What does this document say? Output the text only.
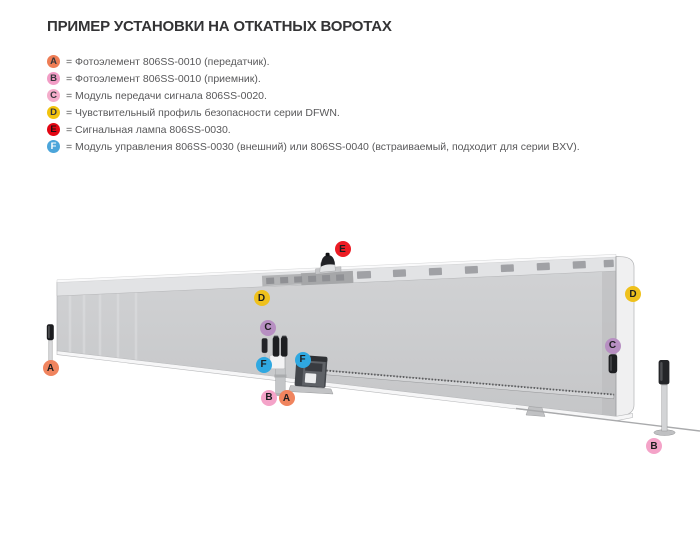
ПРИМЕР УСТАНОВКИ НА ОТКАТНЫХ ВОРОТАХ
A = Фотоэлемент 806SS-0010 (передатчик).
B = Фотоэлемент 806SS-0010 (приемник).
C = Модуль передачи сигнала 806SS-0020.
D = Чувствительный профиль безопасности серии DFWN.
E = Сигнальная лампа 806SS-0030.
F = Модуль управления 806SS-0030 (внешний) или 806SS-0040 (встраиваемый, подходит для серии BXV).
E
D	D
C
C
F	F
B	A
A
B
